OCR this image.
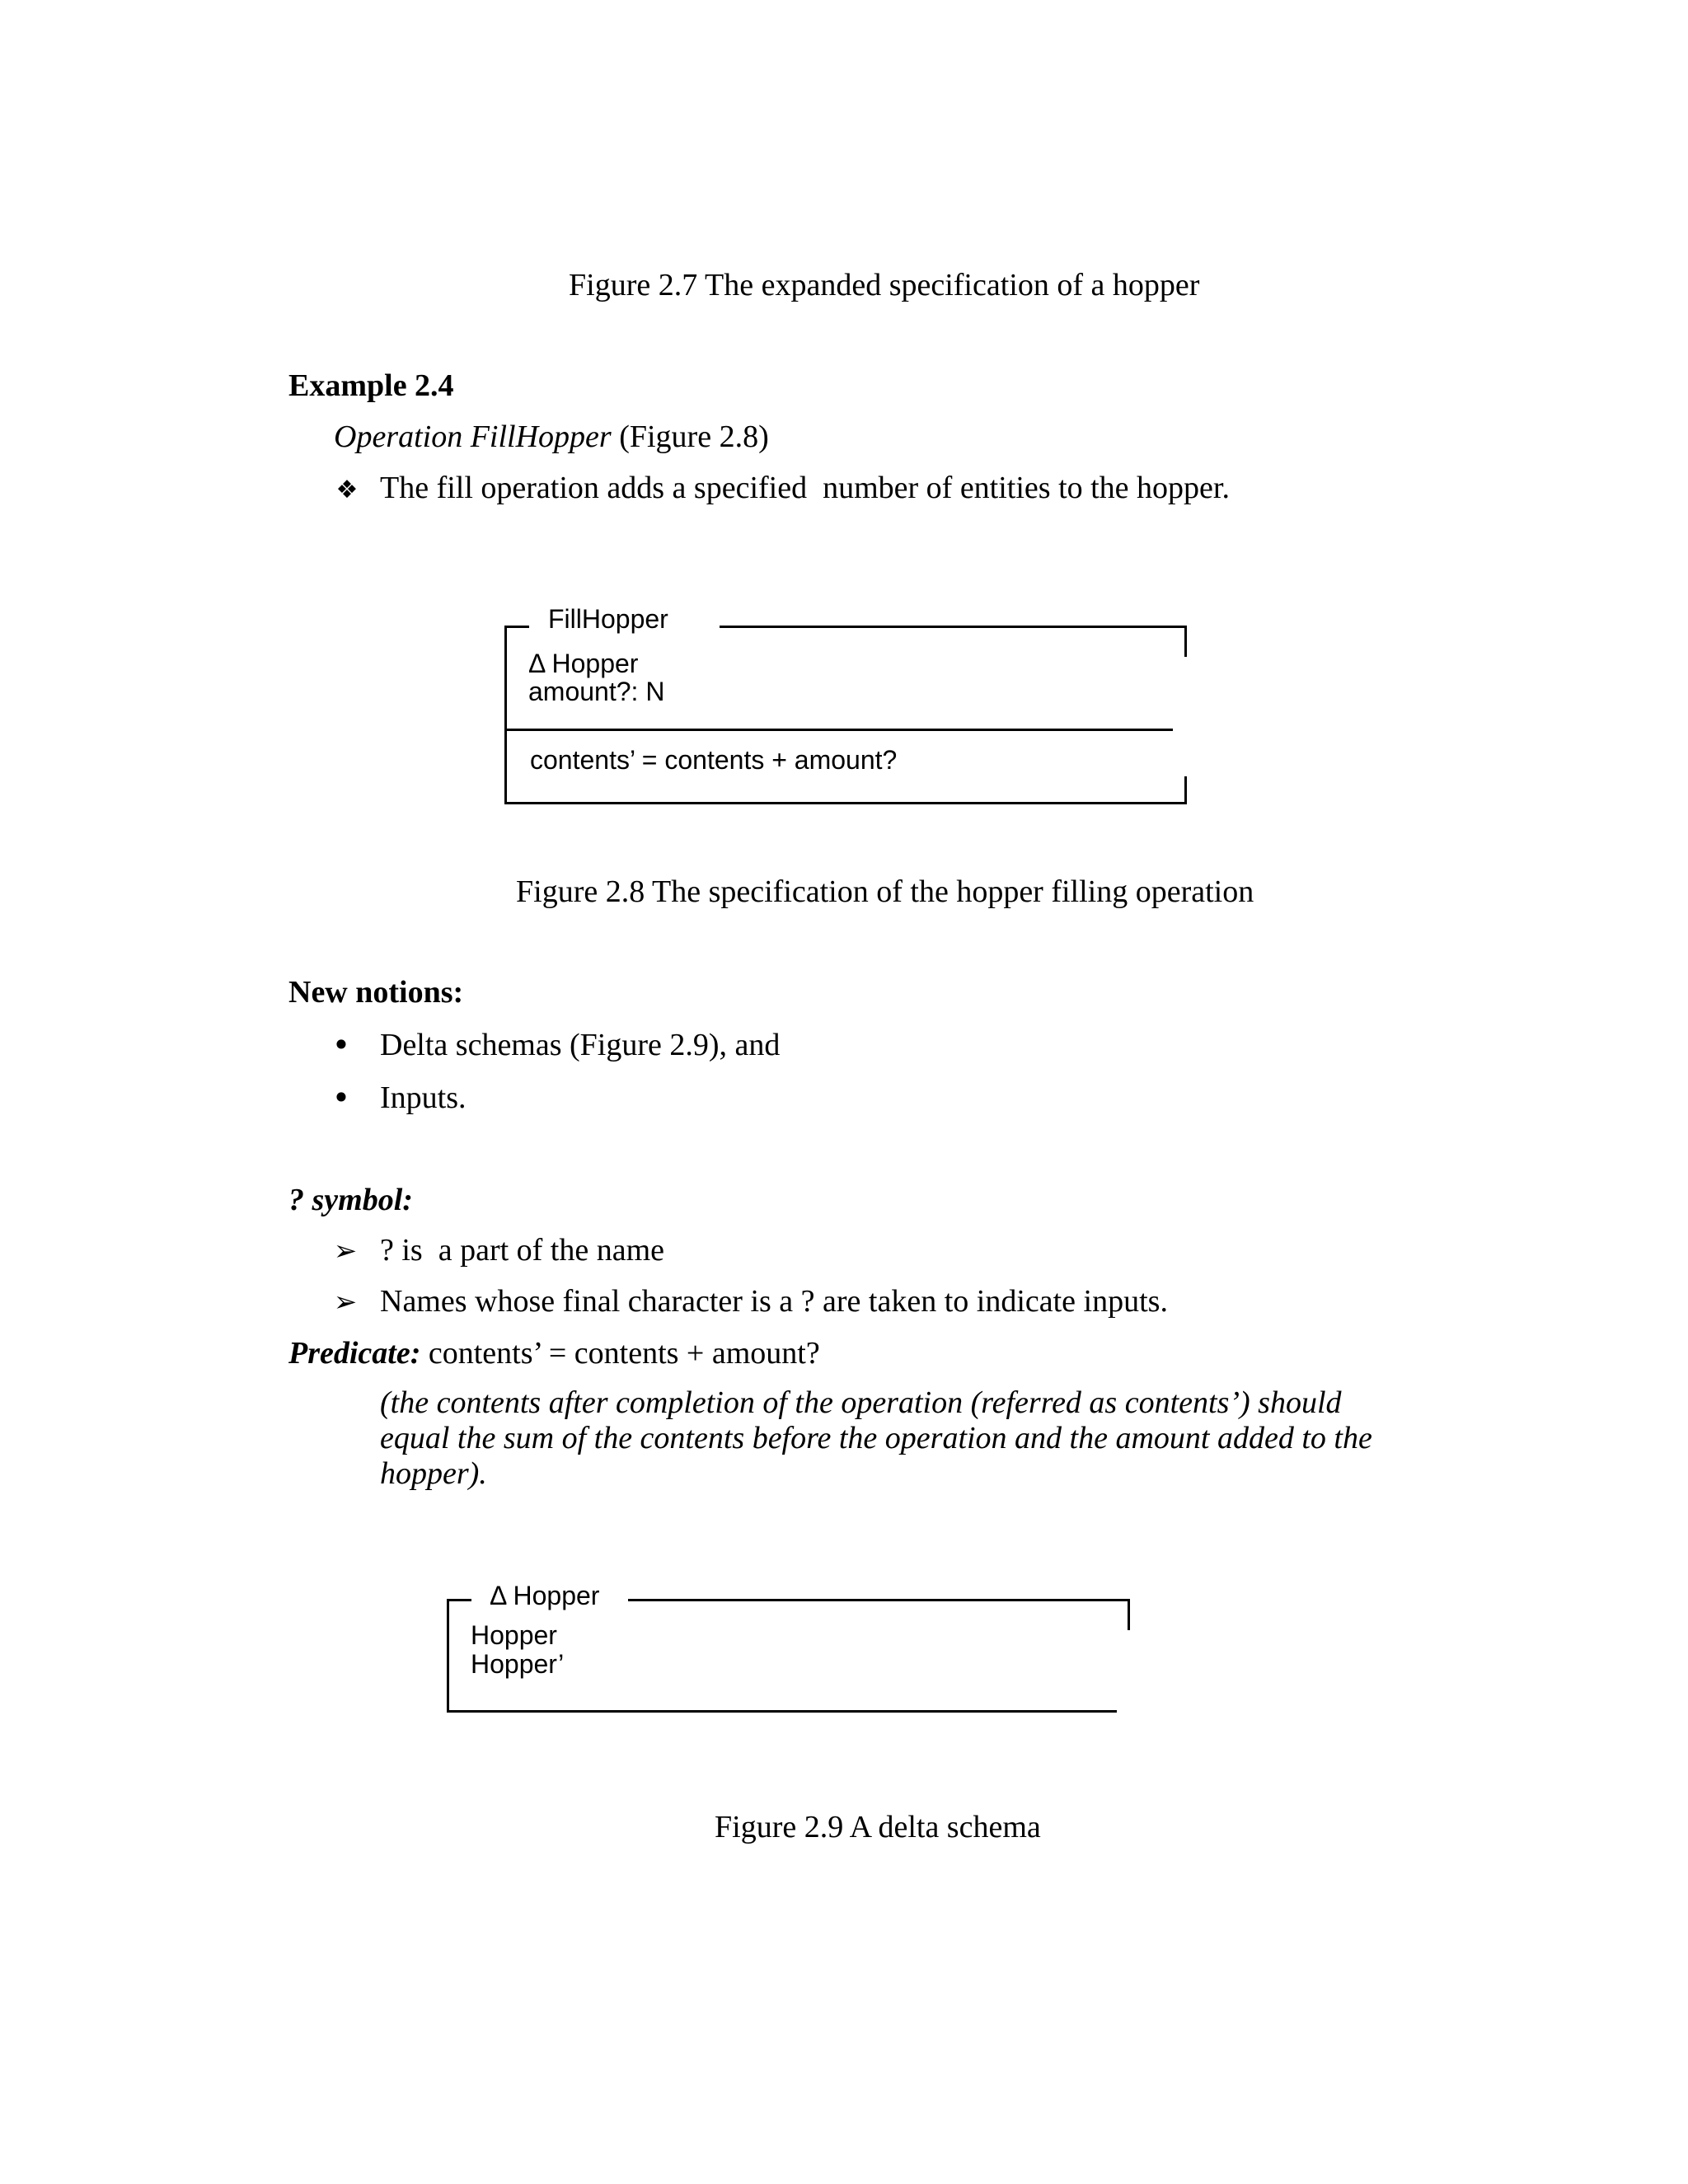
Figure 2.7 The expanded specification of a hopper
Example 2.4
Operation FillHopper (Figure 2.8)
❖ The fill operation adds a specified  number of entities to the hopper.
FillHopper
Δ Hopper
amount?: N
contents’ = contents + amount?
Figure 2.8 The specification of the hopper filling operation
New notions:
• Delta schemas (Figure 2.9), and
• Inputs.
? symbol:
➢ ? is  a part of the name
➢ Names whose final character is a ? are taken to indicate inputs.
Predicate: contents’ = contents + amount?
(the contents after completion of the operation (referred as contents’) should equal the sum of the contents before the operation and the amount added to the hopper).
Δ Hopper
Hopper
Hopper’
Figure 2.9 A delta schema
